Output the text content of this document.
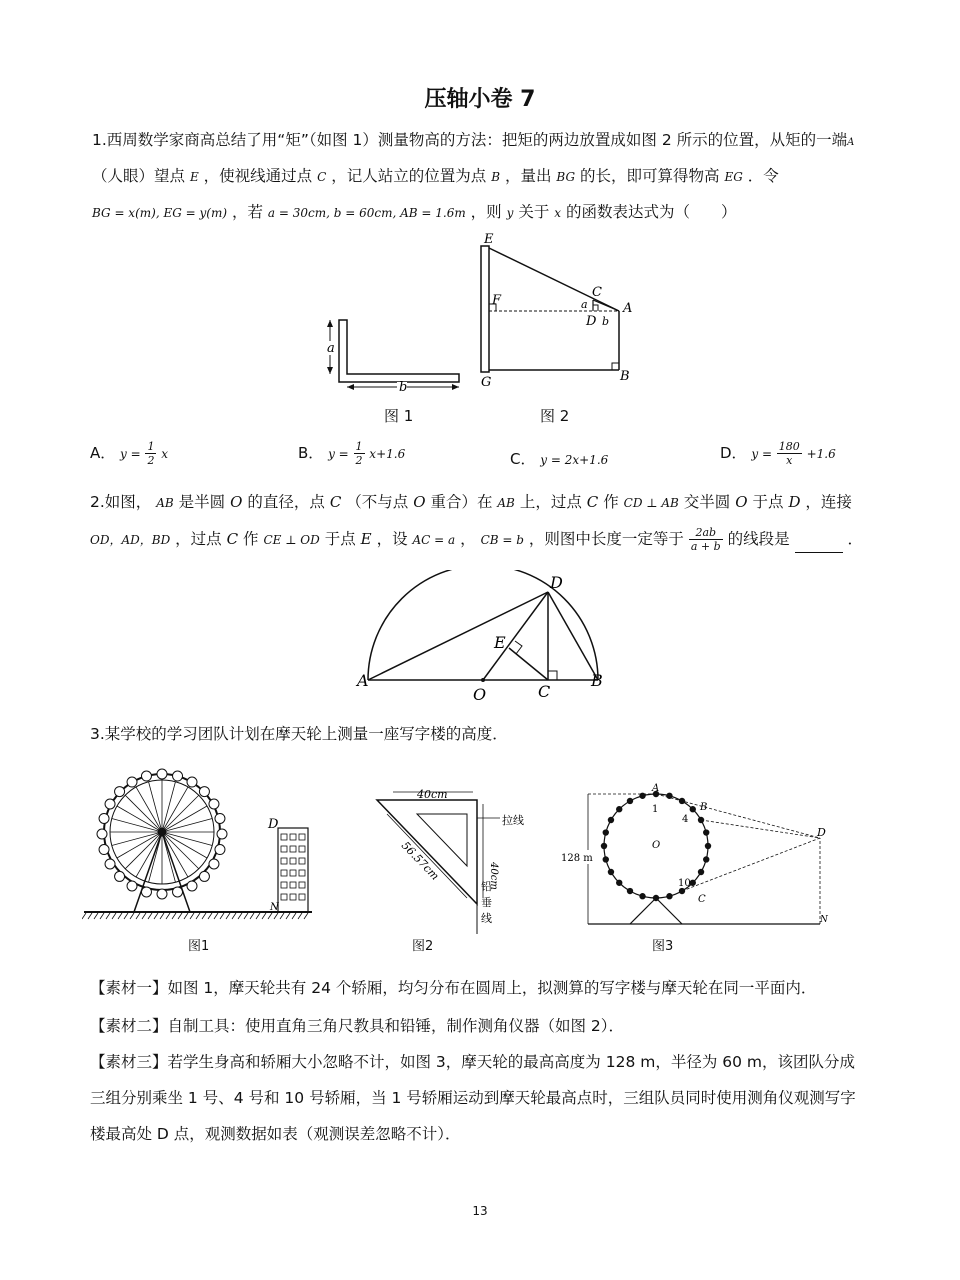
压轴小卷 7
1.西周数学家商高总结了用“矩”（如图 1）测量物高的方法：把矩的两边放置成如图 2 所示的位置，从矩的一端A
（人眼）望点 E ，使视线通过点 C ，记人站立的位置为点 B ，量出 BG 的长，即可算得物高 EG ．令
BG = x(m), EG = y(m) ，若 a = 30cm, b = 60cm, AB = 1.6m ，则 y 关于 x 的函数表达式为（　　）
a
b
图 1
E
F
C
a	A
D b
G	B
图 2
A． $y = \frac{1}{2}$ x	B． $y = \frac{1}{2} x+1.6$	C． y = 2x+1.6	D． $y = \frac{180}{x} +1.6$
2.如图， AB 是半圆 O 的直径，点 C （不与点 O 重合）在 AB 上，过点 C 作 CD ⊥ AB 交半圆 O 于点 D ，连接
OD，AD，BD ，过点 C 作 CE ⊥ OD 于点 E ，设 AC = a ， CB = b ，则图中长度一定等于 $\frac{2ab}{a + b}$ 的线段是	．
D
E
A
O	C
B
3.某学校的学习团队计划在摩天轮上测量一座写字楼的高度．
D
N
图1
40cm
40cm
56.57cm
拉线
铅
垂
线
图2
A
B
1
4
O
10
C
D
N
128 m
图3
【素材一】如图 1，摩天轮共有 24 个轿厢，均匀分布在圆周上，拟测算的写字楼与摩天轮在同一平面内．
【素材二】自制工具：使用直角三角尺教具和铅锤，制作测角仪器（如图 2）．
【素材三】若学生身高和轿厢大小忽略不计，如图 3，摩天轮的最高高度为 128 m，半径为 60 m，该团队分成
三组分别乘坐 1 号、4 号和 10 号轿厢，当 1 号轿厢运动到摩天轮最高点时，三组队员同时使用测角仪观测写字
楼最高处 D 点，观测数据如表（观测误差忽略不计）．
13
